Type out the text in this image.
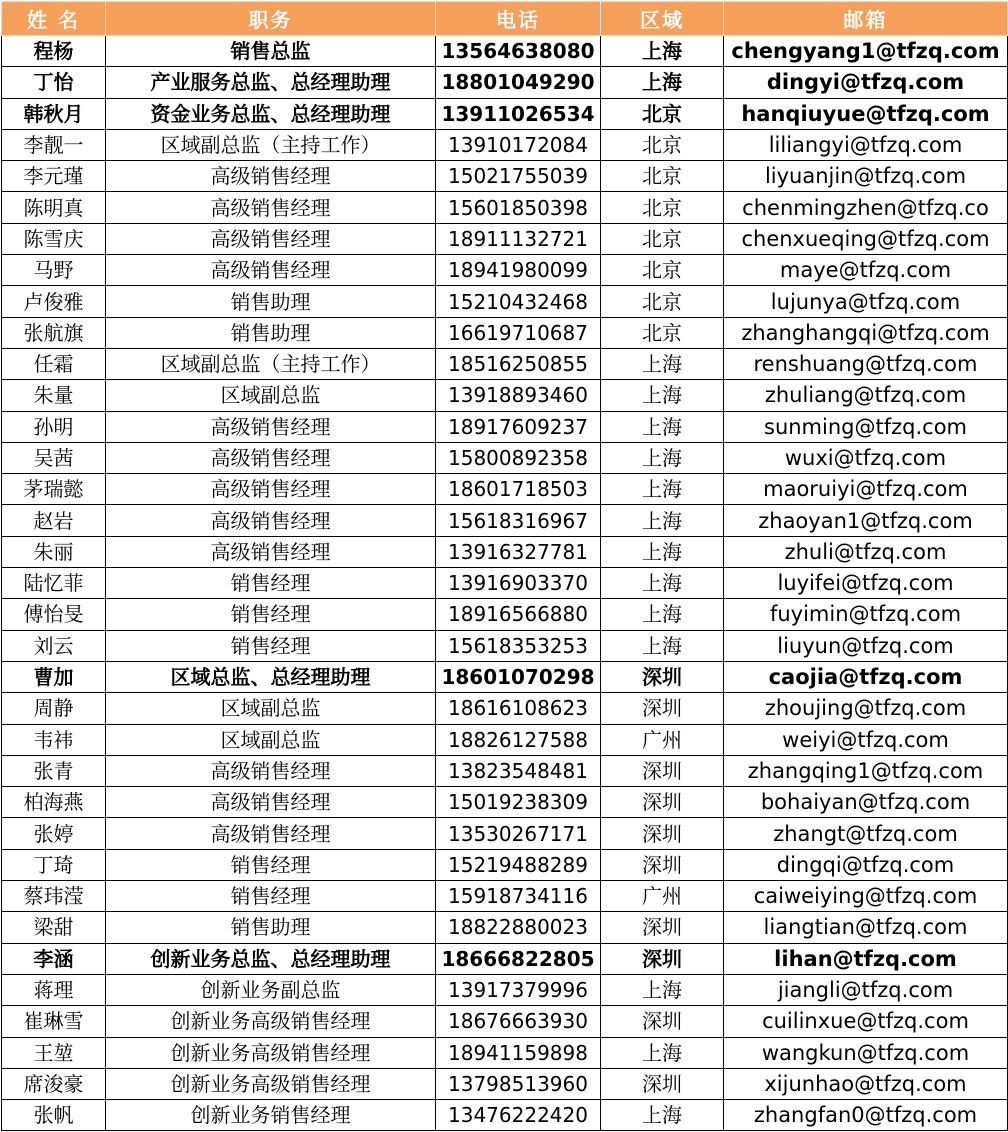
姓 名	职务	电话	区域	邮箱
程杨	销售总监	13564638080	上海	chengyang1@tfzq.com
丁怡	产业服务总监、总经理助理	18801049290	上海	dingyi@tfzq.com
韩秋月	资金业务总监、总经理助理	13911026534	北京	hanqiuyue@tfzq.com
李靓一	区域副总监（主持工作）	13910172084	北京	liliangyi@tfzq.com
李元瑾	高级销售经理	15021755039	北京	liyuanjin@tfzq.com
陈明真	高级销售经理	15601850398	北京	chenmingzhen@tfzq.co
陈雪庆	高级销售经理	18911132721	北京	chenxueqing@tfzq.com
马野	高级销售经理	18941980099	北京	maye@tfzq.com
卢俊雅	销售助理	15210432468	北京	lujunya@tfzq.com
张航旗	销售助理	16619710687	北京	zhanghangqi@tfzq.com
任霜	区域副总监（主持工作）	18516250855	上海	renshuang@tfzq.com
朱量	区域副总监	13918893460	上海	zhuliang@tfzq.com
孙明	高级销售经理	18917609237	上海	sunming@tfzq.com
吴茜	高级销售经理	15800892358	上海	wuxi@tfzq.com
茅瑞懿	高级销售经理	18601718503	上海	maoruiyi@tfzq.com
赵岩	高级销售经理	15618316967	上海	zhaoyan1@tfzq.com
朱丽	高级销售经理	13916327781	上海	zhuli@tfzq.com
陆忆菲	销售经理	13916903370	上海	luyifei@tfzq.com
傅怡旻	销售经理	18916566880	上海	fuyimin@tfzq.com
刘云	销售经理	15618353253	上海	liuyun@tfzq.com
曹加	区域总监、总经理助理	18601070298	深圳	caojia@tfzq.com
周静	区域副总监	18616108623	深圳	zhoujing@tfzq.com
韦祎	区域副总监	18826127588	广州	weiyi@tfzq.com
张青	高级销售经理	13823548481	深圳	zhangqing1@tfzq.com
柏海燕	高级销售经理	15019238309	深圳	bohaiyan@tfzq.com
张婷	高级销售经理	13530267171	深圳	zhangt@tfzq.com
丁琦	销售经理	15219488289	深圳	dingqi@tfzq.com
蔡玮滢	销售经理	15918734116	广州	caiweiying@tfzq.com
梁甜	销售助理	18822880023	深圳	liangtian@tfzq.com
李涵	创新业务总监、总经理助理	18666822805	深圳	lihan@tfzq.com
蒋理	创新业务副总监	13917379996	上海	jiangli@tfzq.com
崔琳雪	创新业务高级销售经理	18676663930	深圳	cuilinxue@tfzq.com
王堃	创新业务高级销售经理	18941159898	上海	wangkun@tfzq.com
席浚豪	创新业务高级销售经理	13798513960	深圳	xijunhao@tfzq.com
张帆	创新业务销售经理	13476222420	上海	zhangfan0@tfzq.com
